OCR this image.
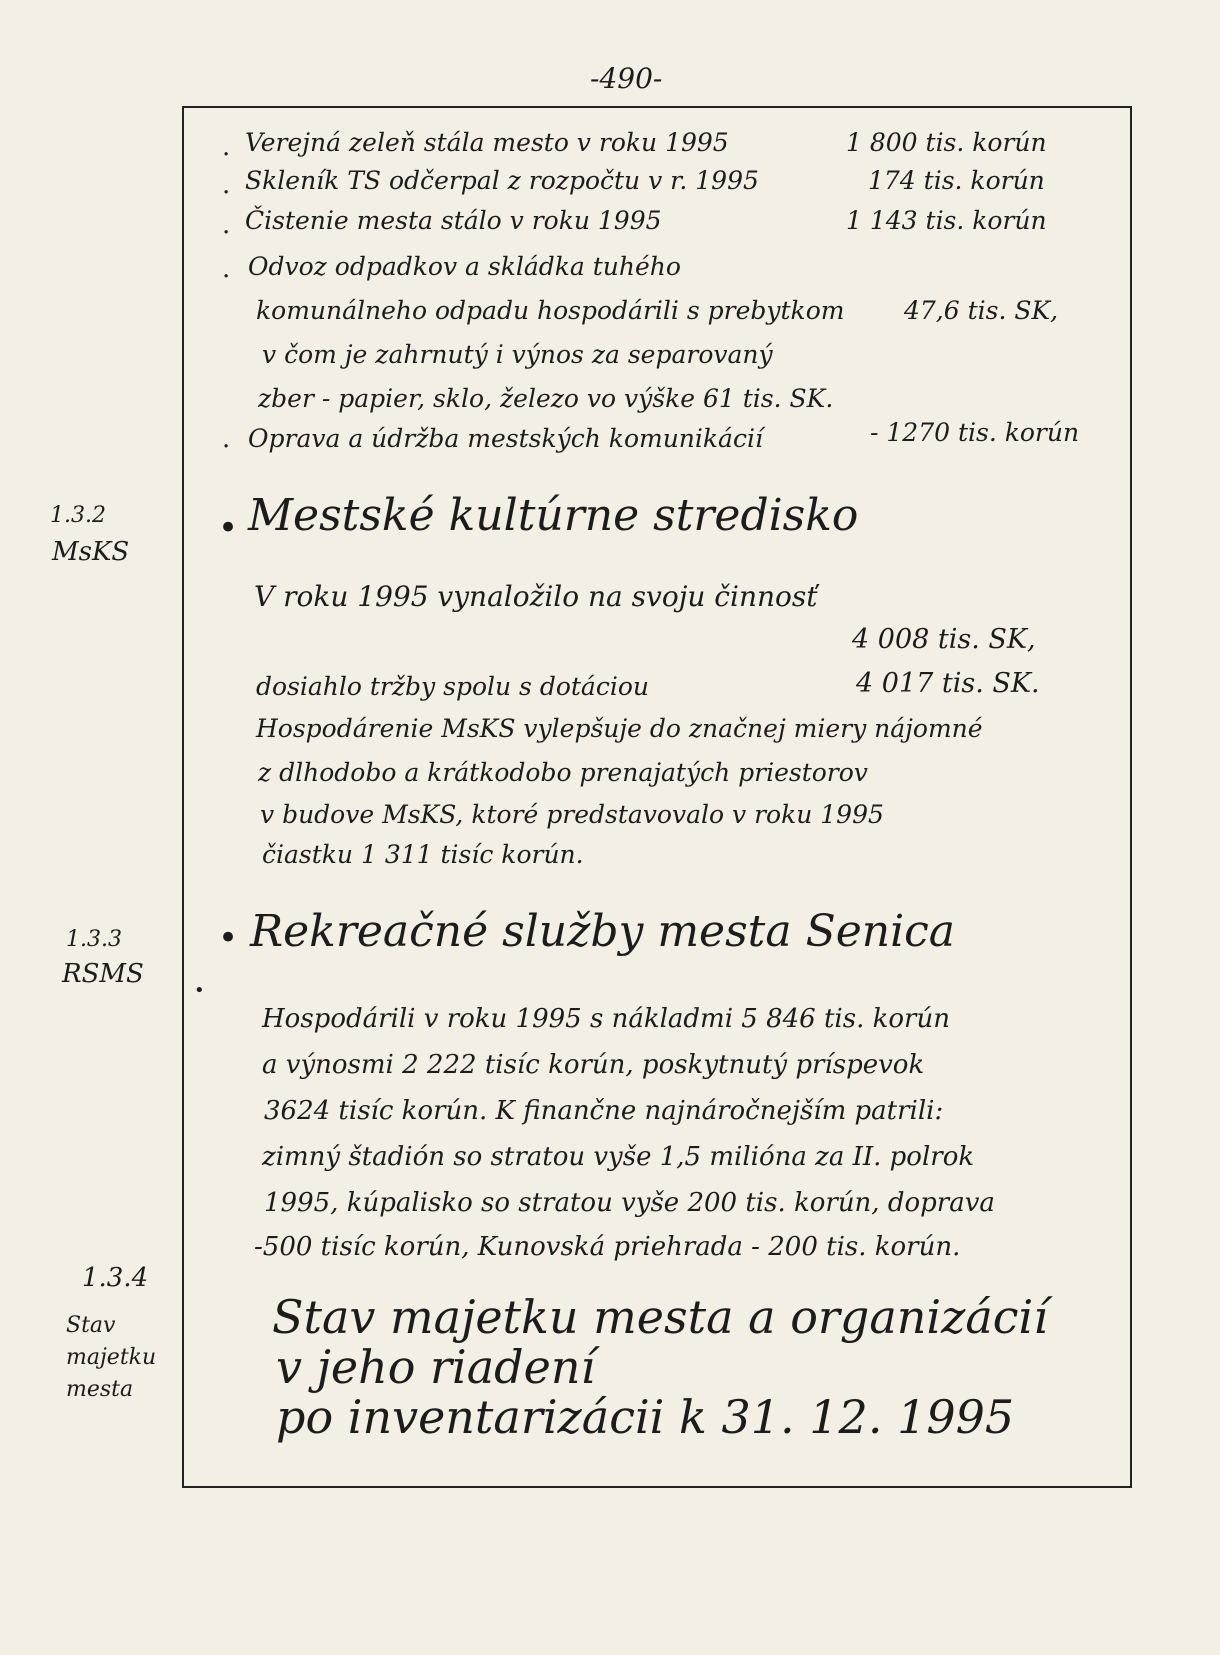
-490-
· Verejná zeleň stála mesto v roku 1995	1 800 tis. korún
· Skleník TS odčerpal z rozpočtu v r. 1995	174 tis. korún
· Čistenie mesta stálo v roku 1995	1 143 tis. korún
· Odvoz odpadkov a skládka tuhého
komunálneho odpadu hospodárili s prebytkom 47,6 tis. SK,
v čom je zahrnutý i výnos za separovaný
zber - papier, sklo, železo vo výške 61 tis. SK.
· Oprava a údržba mestských komunikácií	- 1270 tis. korún
1.3.2
MsKS
• Mestské kultúrne stredisko
V roku 1995 vynaložilo na svoju činnosť
4 008 tis. SK,
dosiahlo tržby spolu s dotáciou	4 017 tis. SK.
Hospodárenie MsKS vylepšuje do značnej miery nájomné
z dlhodobo a krátkodobo prenajatých priestorov
v budove MsKS, ktoré predstavovalo v roku 1995
čiastku 1 311 tisíc korún.
1.3.3
RSMS
• Rekreačné služby mesta Senica
•
Hospodárili v roku 1995 s nákladmi 5 846 tis. korún
a výnosmi 2 222 tisíc korún, poskytnutý príspevok
3624 tisíc korún. K finančne najnáročnejším patrili:
zimný štadión so stratou vyše 1,5 milióna za II. polrok
1995, kúpalisko so stratou vyše 200 tis. korún, doprava
-500 tisíc korún, Kunovská priehrada - 200 tis. korún.
1.3.4
Stav
majetku
mesta
Stav majetku mesta a organizácií
v jeho riadení
po inventarizácii k 31. 12. 1995
